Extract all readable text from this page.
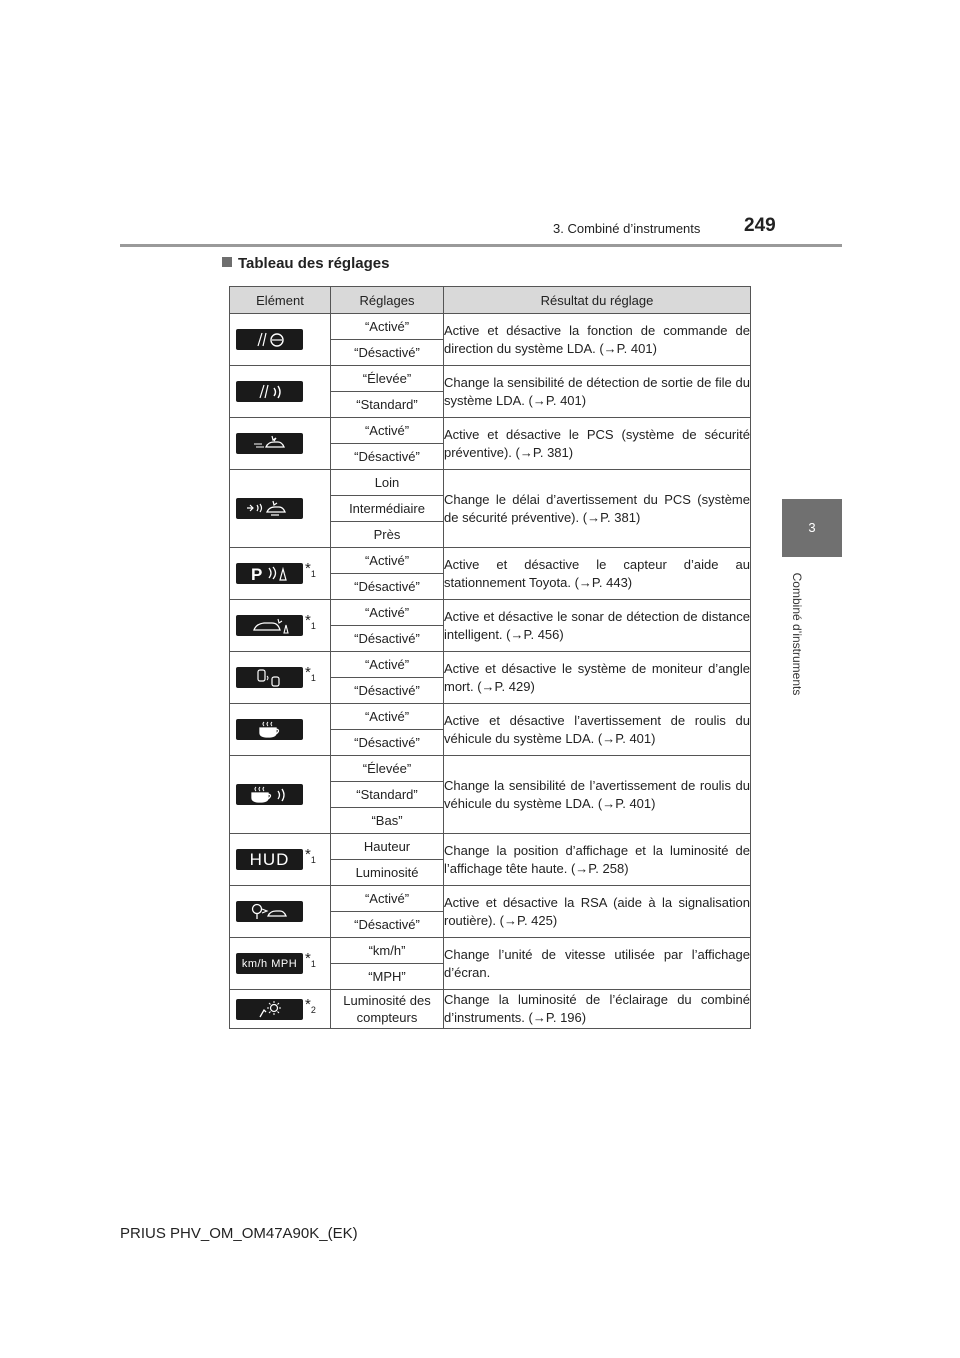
3. Combiné d’instruments 249
3
Combiné d’instruments
Tableau des réglages
Elément	Réglages	Résultat du réglage

	“Activé”	Active et désactive la fonction de commande de direction du système LDA. (→P. 401)
	“Désactivé”	

	“Élevée”	Change la sensibilité de détection de sortie de file du système LDA. (→P. 401)
	“Standard”	

	“Activé”	Active et désactive le PCS (système de sécurité préventive). (→P. 381)
	“Désactivé”	

	Loin	Change le délai d’avertissement du PCS (système de sécurité préventive). (→P. 381)
	Intermédiaire	
	Près	

P $*_1$	“Activé”	Active et désactive le capteur d’aide au stationnement Toyota. (→P. 443)
	“Désactivé”	

$*_1$	“Activé”	Active et désactive le sonar de détection de distance intelligent. (→P. 456)
	“Désactivé”	

$*_1$	“Activé”	Active et désactive le système de moniteur d’angle mort. (→P. 429)
	“Désactivé”	

	“Activé”	Active et désactive l’avertissement de roulis du véhicule du système LDA. (→P. 401)
	“Désactivé”	

	“Élevée”	Change la sensibilité de l’avertissement de roulis du véhicule du système LDA. (→P. 401)
	“Standard”	
	“Bas”	

HUD $*_1$	Hauteur	Change la position d’affichage et la luminosité de l’affichage tête haute. (→P. 258)
	Luminosité	

	“Activé”	Active et désactive la RSA (aide à la signalisation routière). (→P. 425)
	“Désactivé”	

km/h MPH $*_1$	“km/h”	Change l’unité de vitesse utilisée par l’affichage d’écran.
	“MPH”	

$*_2$	Luminosité des compteurs	Change la luminosité de l’éclairage du combiné d’instruments. (→P. 196)
PRIUS PHV_OM_OM47A90K_(EK)
